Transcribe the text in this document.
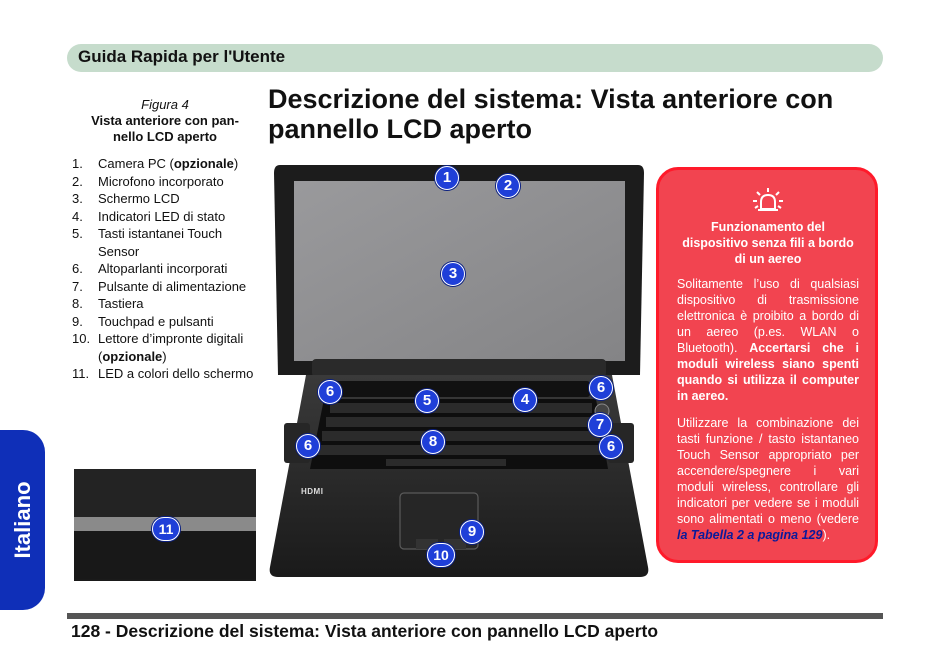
Guida Rapida per l'Utente
Italiano
Figura 4
Vista anteriore con pan-
nello LCD aperto
1.	Camera PC (opzionale)
2.	Microfono incorporato
3.	Schermo LCD
4.	Indicatori LED di stato
5.	Tasti istantanei Touch Sensor
6.	Altoparlanti incorporati
7.	Pulsante di alimentazione
8.	Tastiera
9.	Touchpad e pulsanti
10. Lettore d’impronte digitali (opzionale)
11. LED a colori dello schermo
Descrizione del sistema: Vista anteriore con pannello LCD aperto
HDMI
1	2
3
4
5
6	6
6	6
7
8
9
10
11
Funzionamento del dispositivo senza fili a bordo di un aereo
Solitamente l’uso di qualsiasi dispositivo di trasmissione elettronica è proibito a bordo di un aereo (p.es. WLAN o Bluetooth). Accertarsi che i moduli wireless siano spenti quando si utilizza il computer in aereo.
Utilizzare la combinazione dei tasti funzione / tasto istantaneo Touch Sensor appropriato per accendere/spegnere i vari moduli wireless, controllare gli indicatori per vedere se i moduli sono alimentati o meno (vedere la Tabella 2 a pagina 129).
128 - Descrizione del sistema: Vista anteriore con pannello LCD aperto
